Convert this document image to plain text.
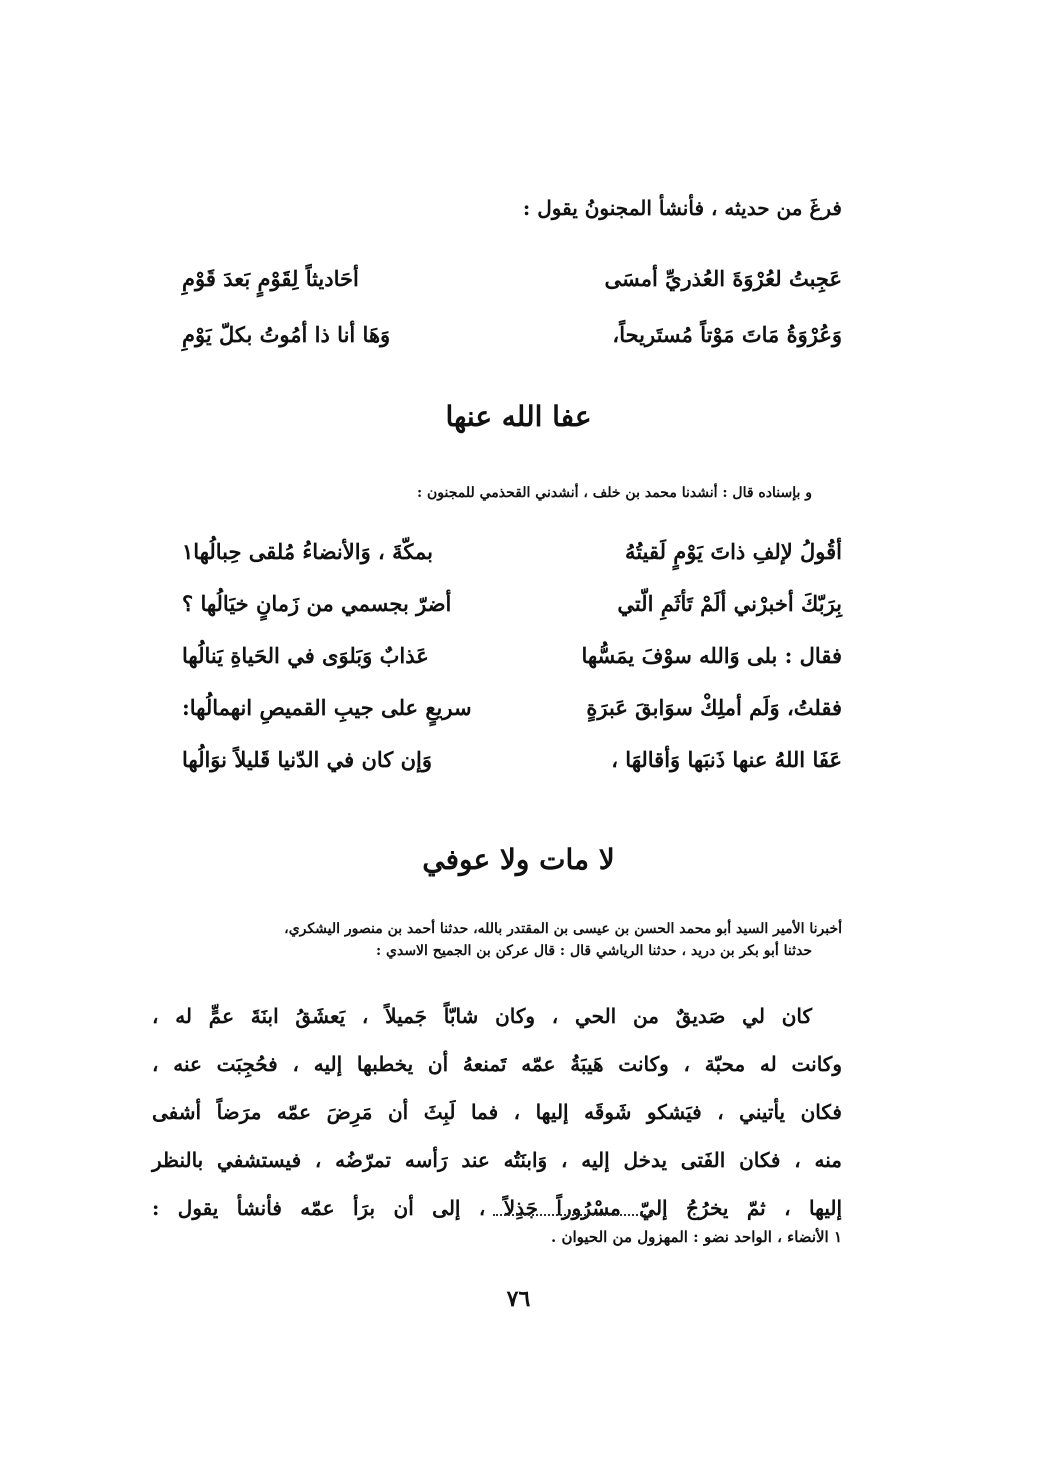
فرغَ من حديثه ، فأنشأ المجنونُ يقول :
عَجِبتُ لعُرْوَةَ العُذريِّ أمسَى
أحَاديثاً لِقَوْمٍ بَعدَ قَوْمِ
وَعُرْوَةُ مَاتَ مَوْتاً مُستَريحاً،
وَهَا أنا ذا أمُوتُ بكلّ يَوْمِ
عفا الله عنها
و بإسناده قال : أنشدنا محمد بن خلف ، أنشدني القحذمي للمجنون :
أقُولُ لإلفِ ذاتَ يَوْمٍ لَقيتُهُ
بمكّةَ ، وَالأنضاءُ مُلقى حِبالُها١
بِرَبّكَ أخبرْني ألَمْ تَأثَمِ الّتي
أضرّ بجسمي من زَمانٍ خيَالُها ؟
فقال : بلى وَالله سوْفَ يمَسُّها
عَذابٌ وَبَلوَى في الحَياةِ يَنالُها
فقلتُ، وَلَم أملِكْ سوَابقَ عَبرَةٍ
سريعٍ على جيبِ القميصِ انهمالُها:
عَفَا اللهُ عنها ذَنبَها وَأقالهَا ،
وَإن كان في الدّنيا قَليلاً نوَالُها
لا مات ولا عوفي
أخبرنا الأمير السيد أبو محمد الحسن بن عيسى بن المقتدر بالله، حدثنا أحمد بن منصور اليشكري،
حدثنا أبو بكر بن دريد ، حدثنا الرياشي قال : قال عركن بن الجميح الاسدي :
كان لي صَديقٌ من الحي ، وكان شابّاً جَميلاً ، يَعشَقُ ابنَةَ عمٍّ له ،
وكانت له محبّة ، وكانت هَيبَةُ عمّه تَمنعهُ أن يخطبها إليه ، فحُجِبَت عنه ،
فكان يأتيني ، فيَشكو شَوقَه إليها ، فما لَبِثَ أن مَرِضَ عمّه مرَضاً أشفى
منه ، فكان الفَتى يدخل إليه ، وَابنَتُه عند رَأسه تمرّضُه ، فيستشفي بالنظر
إليها ، ثمّ يخرُجُ إليّ مسْرُوراً جَذِلاً ، إلى أن برَأ عمّه فأنشأ يقول :
١ الأنضاء ، الواحد نضو : المهزول من الحيوان .
٧٦
